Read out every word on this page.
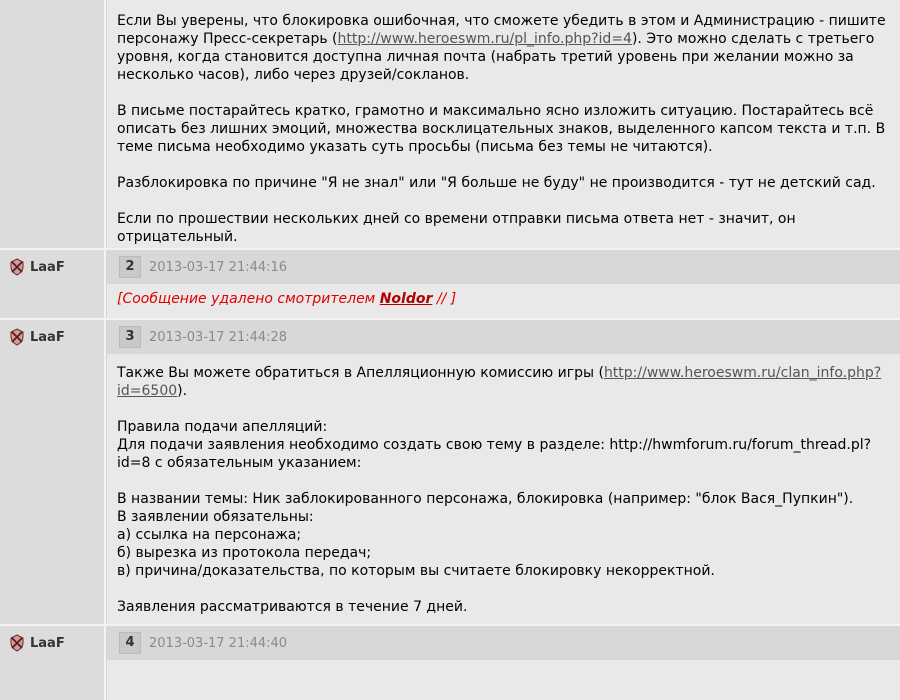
Если Вы уверены, что блокировка ошибочная, что сможете убедить в этом и Администрацию - пишите персонажу Пресс-секретарь (http://www.heroeswm.ru/pl_info.php?id=4). Это можно сделать с третьего уровня, когда становится доступна личная почта (набрать третий уровень при желании можно за несколько часов), либо через друзей/сокланов.

В письме постарайтесь кратко, грамотно и максимально ясно изложить ситуацию. Постарайтесь всё описать без лишних эмоций, множества восклицательных знаков, выделенного капсом текста и т.п. В теме письма необходимо указать суть просьбы (письма без темы не читаются).

Разблокировка по причине "Я не знал" или "Я больше не буду" не производится - тут не детский сад.

Если по прошествии нескольких дней со времени отправки письма ответа нет - значит, он отрицательный.

LaaF	2	2013-03-17 21:44:16
[Сообщение удалено смотрителем Noldor // ]
LaaF	3	2013-03-17 21:44:28

Также Вы можете обратиться в Апелляционную комиссию игры (http://www.heroeswm.ru/clan_info.php?id=6500).

Правила подачи апелляций:
Для подачи заявления необходимо создать свою тему в разделе: http://hwmforum.ru/forum_thread.pl?id=8 с обязательным указанием:

В названии темы: Ник заблокированного персонажа, блокировка (например: "блок Вася_Пупкин").
В заявлении обязательны:
а) ссылка на персонажа;
б) вырезка из протокола передач;
в) причина/доказательства, по которым вы считаете блокировку некорректной.

Заявления рассматриваются в течение 7 дней.

LaaF	4	2013-03-17 21:44:40
